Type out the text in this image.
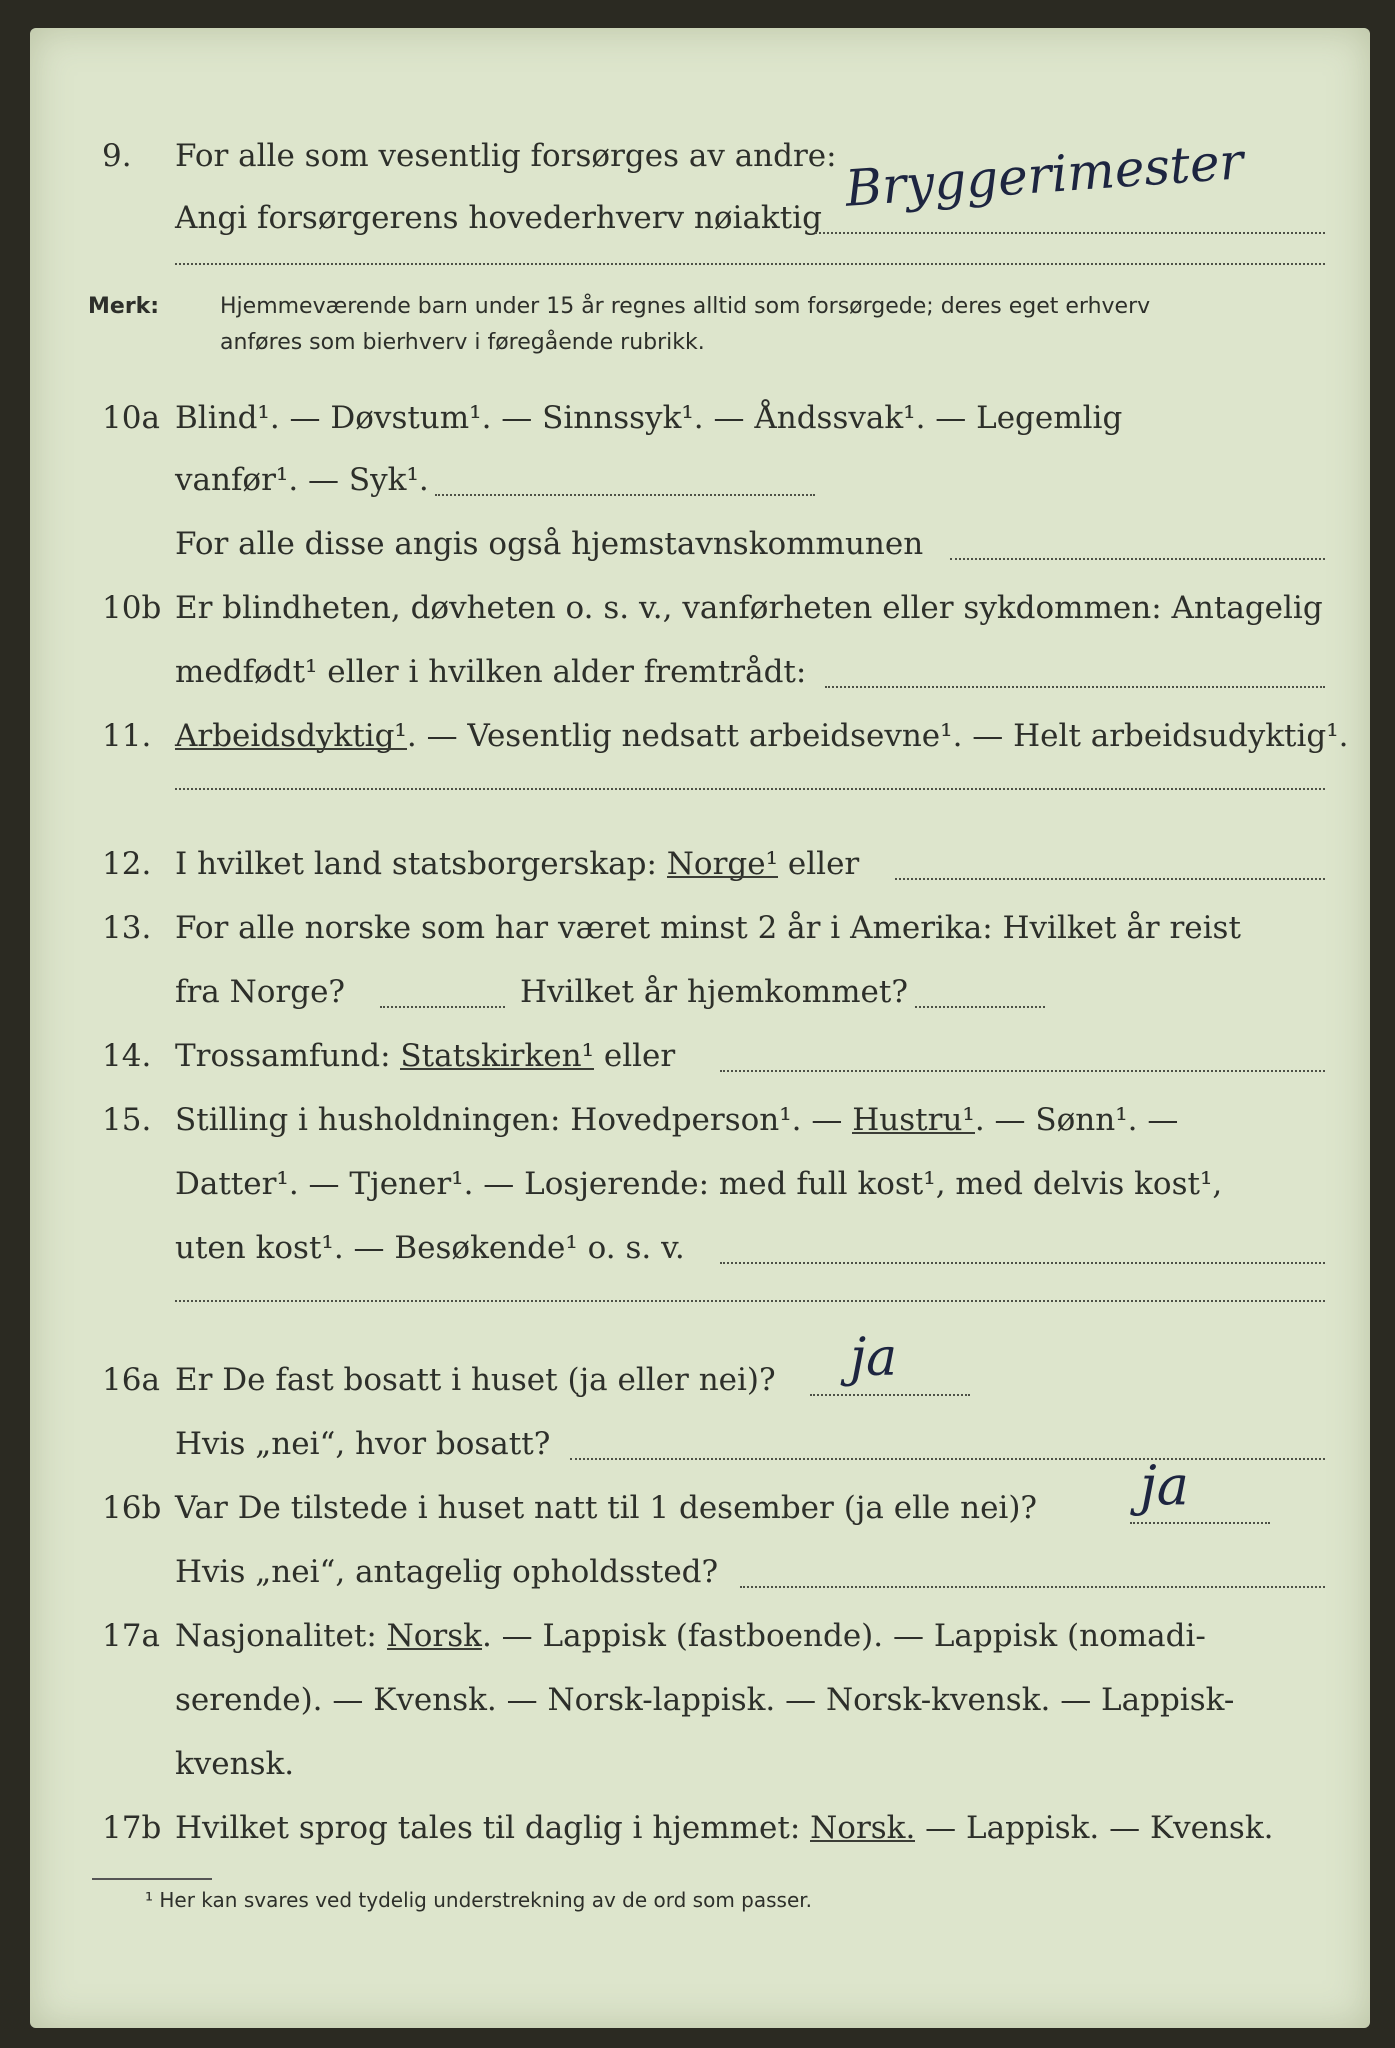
9. For alle som vesentlig forsørges av andre:
Angi forsørgerens hovederhverv nøiaktig
Bryggerimester
Merk:	Hjemmeværende barn under 15 år regnes alltid som forsørgede; deres eget erhverv
anføres som bierhverv i føregående rubrikk.
10a Blind¹. — Døvstum¹. — Sinnssyk¹. — Åndssvak¹. — Legemlig
vanfør¹. — Syk¹.
For alle disse angis også hjemstavnskommunen
10b Er blindheten, døvheten o. s. v., vanførheten eller sykdommen: Antagelig
medfødt¹ eller i hvilken alder fremtrådt:
11. Arbeidsdyktig¹. — Vesentlig nedsatt arbeidsevne¹. — Helt arbeidsudyktig¹.
12. I hvilket land statsborgerskap: Norge¹ eller
13. For alle norske som har været minst 2 år i Amerika: Hvilket år reist
fra Norge?	Hvilket år hjemkommet?
14. Trossamfund: Statskirken¹ eller
15. Stilling i husholdningen: Hovedperson¹. — Hustru¹. — Sønn¹. —
Datter¹. — Tjener¹. — Losjerende: med full kost¹, med delvis kost¹,
uten kost¹. — Besøkende¹ o. s. v.
16a Er De fast bosatt i huset (ja eller nei)? ja
Hvis „nei“, hvor bosatt?
16b Var De tilstede i huset natt til 1 desember (ja elle nei)? ja
Hvis „nei“, antagelig opholdssted?
17a Nasjonalitet: Norsk. — Lappisk (fastboende). — Lappisk (nomadi-
serende). — Kvensk. — Norsk-lappisk. — Norsk-kvensk. — Lappisk-
kvensk.
17b Hvilket sprog tales til daglig i hjemmet: Norsk. — Lappisk. — Kvensk.
¹ Her kan svares ved tydelig understrekning av de ord som passer.
